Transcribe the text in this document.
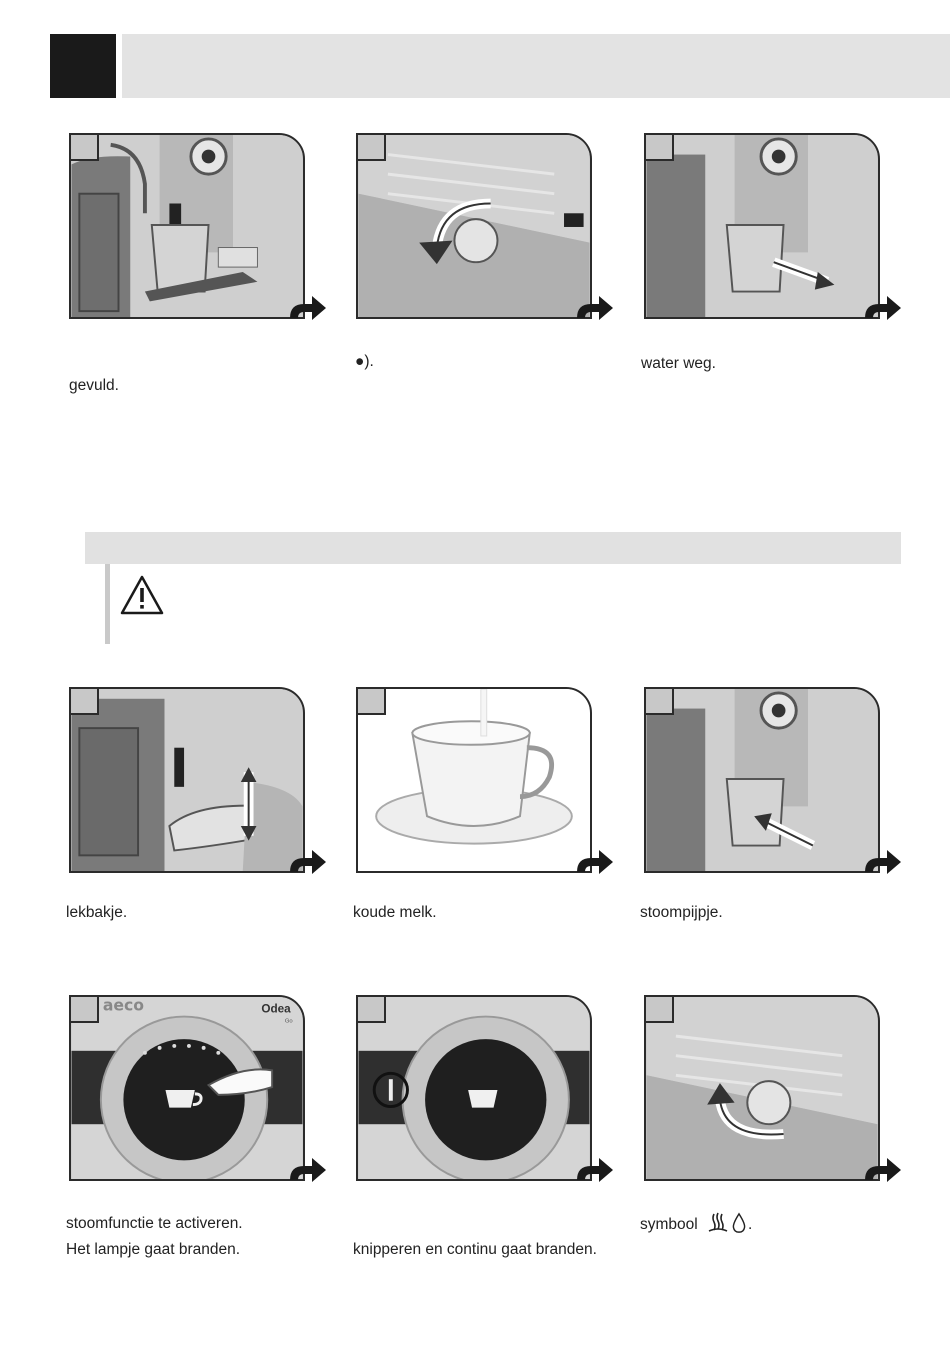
gevuld.
●).	water weg.
lekbakje.	koude melk.	stoompijpje.
aeco	Odea
Go
stoomfunctie te activeren.
Het lampje gaat branden.	knipperen en continu gaat branden.
symbool	.
